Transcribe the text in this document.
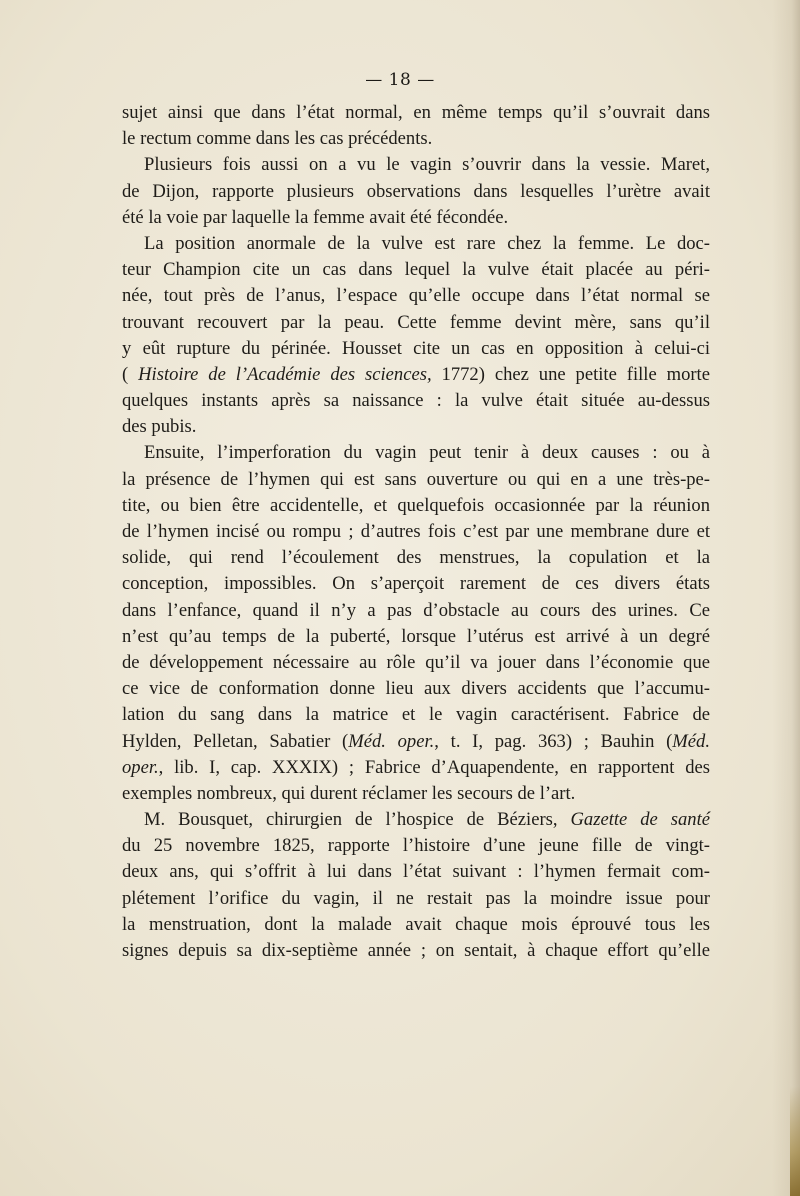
— 18 —
sujet ainsi que dans l’état normal, en même temps qu’il s’ouvrait dans
le rectum comme dans les cas précédents.
Plusieurs fois aussi on a vu le vagin s’ouvrir dans la vessie. Maret,
de Dijon, rapporte plusieurs observations dans lesquelles l’urètre avait
été la voie par laquelle la femme avait été fécondée.
La position anormale de la vulve est rare chez la femme. Le doc-
teur Champion cite un cas dans lequel la vulve était placée au péri-
née, tout près de l’anus, l’espace qu’elle occupe dans l’état normal se
trouvant recouvert par la peau. Cette femme devint mère, sans qu’il
y eût rupture du périnée. Housset cite un cas en opposition à celui-ci
( Histoire de l’Académie des sciences, 1772) chez une petite fille morte
quelques instants après sa naissance : la vulve était située au-dessus
des pubis.
Ensuite, l’imperforation du vagin peut tenir à deux causes : ou à
la présence de l’hymen qui est sans ouverture ou qui en a une très-pe-
tite, ou bien être accidentelle, et quelquefois occasionnée par la réunion
de l’hymen incisé ou rompu ; d’autres fois c’est par une membrane dure et
solide, qui rend l’écoulement des menstrues, la copulation et la
conception, impossibles. On s’aperçoit rarement de ces divers états
dans l’enfance, quand il n’y a pas d’obstacle au cours des urines. Ce
n’est qu’au temps de la puberté, lorsque l’utérus est arrivé à un degré
de développement nécessaire au rôle qu’il va jouer dans l’économie que
ce vice de conformation donne lieu aux divers accidents que l’accumu-
lation du sang dans la matrice et le vagin caractérisent. Fabrice de
Hylden, Pelletan, Sabatier (Méd. oper., t. I, pag. 363) ; Bauhin (Méd.
oper., lib. I, cap. XXXIX) ; Fabrice d’Aquapendente, en rapportent des
exemples nombreux, qui durent réclamer les secours de l’art.
M. Bousquet, chirurgien de l’hospice de Béziers, Gazette de santé
du 25 novembre 1825, rapporte l’histoire d’une jeune fille de vingt-
deux ans, qui s’offrit à lui dans l’état suivant : l’hymen fermait com-
plétement l’orifice du vagin, il ne restait pas la moindre issue pour
la menstruation, dont la malade avait chaque mois éprouvé tous les
signes depuis sa dix-septième année ; on sentait, à chaque effort qu’elle
